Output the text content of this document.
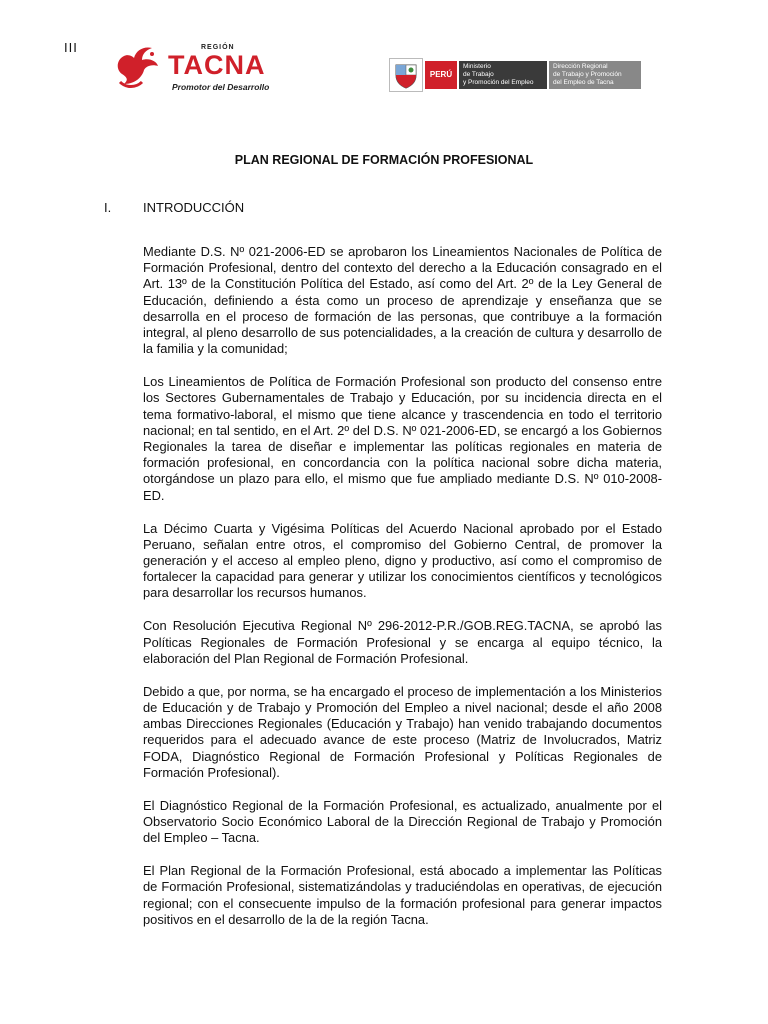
III	REGIÓN
TACNA
Promotor del Desarrollo
PERÚ
Ministerio
de Trabajo
y Promoción del Empleo
Dirección Regional
de Trabajo y Promoción
del Empleo de Tacna
PLAN REGIONAL DE FORMACIÓN PROFESIONAL
I. INTRODUCCIÓN

Mediante D.S. Nº 021-2006-ED se aprobaron los Lineamientos Nacionales de Política de Formación Profesional, dentro del contexto del derecho a la Educación consagrado en el Art. 13º de la Constitución Política del Estado, así como del Art. 2º de la Ley General de Educación, definiendo a ésta como un proceso de aprendizaje y enseñanza que se desarrolla en el proceso de formación de las personas, que contribuye a la formación integral, al pleno desarrollo de sus potencialidades, a la creación de cultura y desarrollo de la familia y la comunidad;

Los Lineamientos de Política de Formación Profesional son producto del consenso entre los Sectores Gubernamentales de Trabajo y Educación, por su incidencia directa en el tema formativo-laboral, el mismo que tiene alcance y trascendencia en todo el territorio nacional; en tal sentido, en el Art. 2º del D.S. Nº 021-2006-ED, se encargó a los Gobiernos Regionales la tarea de diseñar e implementar las políticas regionales en materia de formación profesional, en concordancia con la política nacional sobre dicha materia, otorgándose un plazo para ello, el mismo que fue ampliado mediante D.S. Nº 010-2008-ED.

La Décimo Cuarta y Vigésima Políticas del Acuerdo Nacional aprobado por el Estado Peruano, señalan entre otros, el compromiso del Gobierno Central, de promover la generación y el acceso al empleo pleno, digno y productivo, así como el compromiso de fortalecer la capacidad para generar y utilizar los conocimientos científicos y tecnológicos para desarrollar los recursos humanos.

Con Resolución Ejecutiva Regional Nº 296-2012-P.R./GOB.REG.TACNA, se aprobó las Políticas Regionales de Formación Profesional y se encarga al equipo técnico, la elaboración del Plan Regional de Formación Profesional.

Debido a que, por norma, se ha encargado el proceso de implementación a los Ministerios de Educación y de Trabajo y Promoción del Empleo a nivel nacional; desde el año 2008 ambas Direcciones Regionales (Educación y Trabajo) han venido trabajando documentos requeridos para el adecuado avance de este proceso (Matriz de Involucrados, Matriz FODA, Diagnóstico Regional de Formación Profesional y Políticas Regionales de Formación Profesional).

El Diagnóstico Regional de la Formación Profesional, es actualizado, anualmente por el Observatorio Socio Económico Laboral de la Dirección Regional de Trabajo y Promoción del Empleo – Tacna.

El Plan Regional de la Formación Profesional, está abocado a implementar las Políticas de Formación Profesional, sistematizándolas y traduciéndolas en operativas, de ejecución regional; con el consecuente impulso de la formación profesional para generar impactos positivos en el desarrollo de la de la región Tacna.
